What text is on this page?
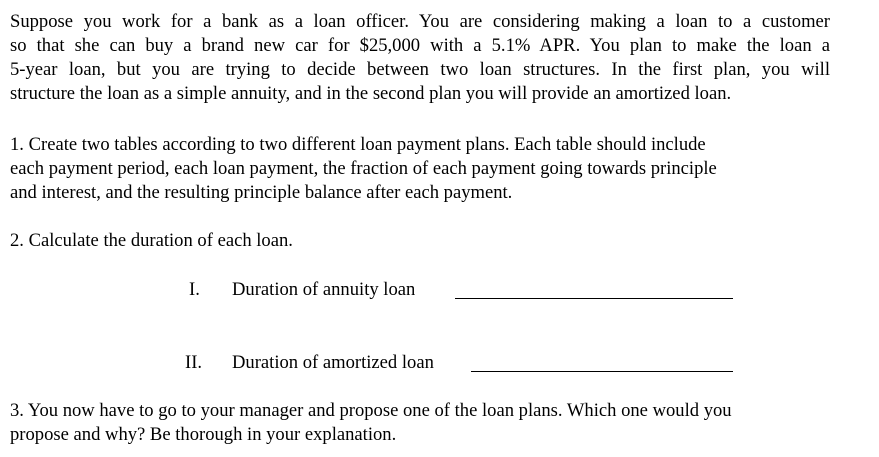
Suppose you work for a bank as a loan officer. You are considering making a loan to a customer
so that she can buy a brand new car for $25,000 with a 5.1% APR. You plan to make the loan a
5-year loan, but you are trying to decide between two loan structures. In the first plan, you will
structure the loan as a simple annuity, and in the second plan you will provide an amortized loan.
1. Create two tables according to two different loan payment plans. Each table should include
each payment period, each loan payment, the fraction of each payment going towards principle
and interest, and the resulting principle balance after each payment.
2. Calculate the duration of each loan.
I. Duration of annuity loan
II. Duration of amortized loan
3. You now have to go to your manager and propose one of the loan plans. Which one would you
propose and why? Be thorough in your explanation.
